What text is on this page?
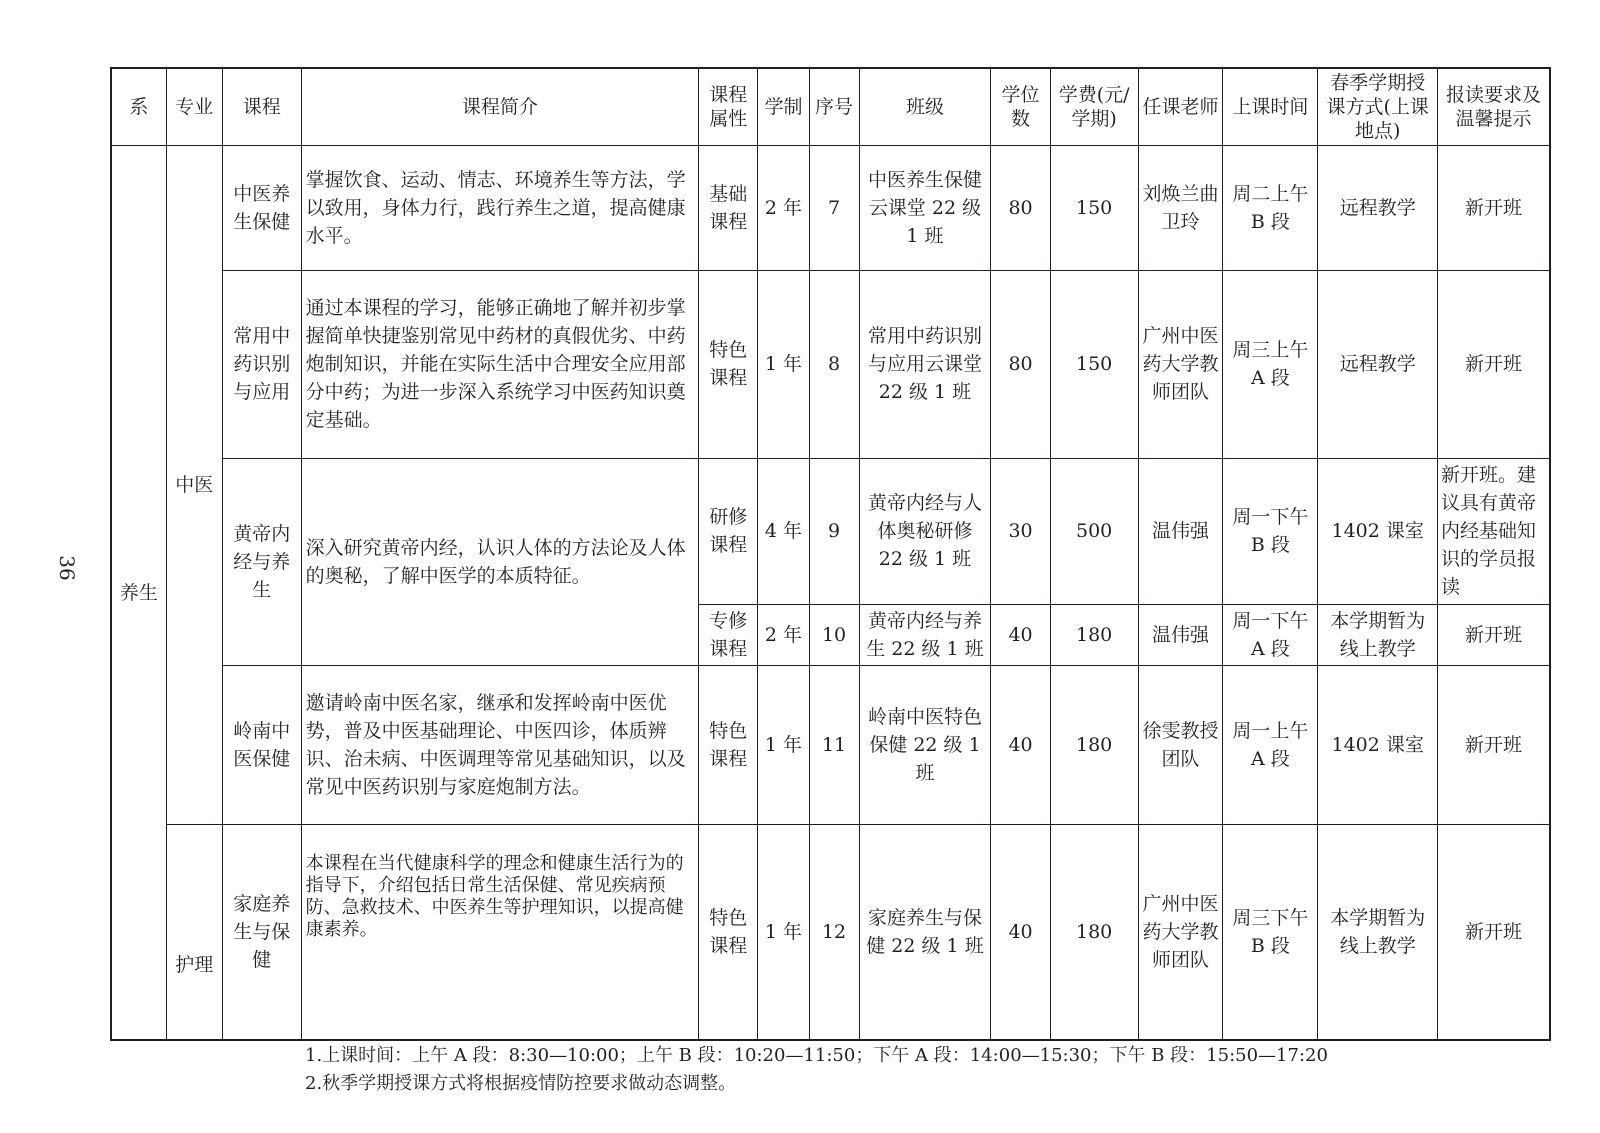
36
系	专业	课程	课程简介	课程属性	学制	序号	班级	学位数	学费(元/学期)	任课老师	上课时间	春季学期授课方式(上课地点)	报读要求及温馨提示
养生	中医	中医养生保健	掌握饮食、运动、情志、环境养生等方法，学以致用，身体力行，践行养生之道，提高健康水平。	基础课程	2 年	7	中医养生保健云课堂 22 级 1 班	80	150	刘焕兰曲卫玲	周二上午B 段	远程教学	新开班
		常用中药识别与应用	通过本课程的学习，能够正确地了解并初步掌握简单快捷鉴别常见中药材的真假优劣、中药炮制知识，并能在实际生活中合理安全应用部分中药；为进一步深入系统学习中医药知识奠定基础。	特色课程	1 年	8	常用中药识别与应用云课堂 22 级 1 班	80	150	广州中医药大学教师团队	周三上午A 段	远程教学	新开班
		黄帝内经与养生	深入研究黄帝内经，认识人体的方法论及人体的奥秘，了解中医学的本质特征。	研修课程	4 年	9	黄帝内经与人体奥秘研修 22 级 1 班	30	500	温伟强	周一下午B 段	1402 课室	新开班。建议具有黄帝内经基础知识的学员报读
				专修课程	2 年	10	黄帝内经与养生 22 级 1 班	40	180	温伟强	周一下午A 段	本学期暂为线上教学	新开班
		岭南中医保健	邀请岭南中医名家，继承和发挥岭南中医优势，普及中医基础理论、中医四诊，体质辨识、治未病、中医调理等常见基础知识，以及常见中医药识别与家庭炮制方法。	特色课程	1 年	11	岭南中医特色保健 22 级 1 班	40	180	徐雯教授团队	周一上午A 段	1402 课室	新开班
	护理	家庭养生与保健	本课程在当代健康科学的理念和健康生活行为的指导下，介绍包括日常生活保健、常见疾病预防、急救技术、中医养生等护理知识，以提高健康素养。	特色课程	1 年	12	家庭养生与保健 22 级 1 班	40	180	广州中医药大学教师团队	周三下午B 段	本学期暂为线上教学	新开班
1.上课时间：上午 A 段：8:30—10:00；上午 B 段：10:20—11:50；下午 A 段：14:00—15:30；下午 B 段：15:50—17:20
2.秋季学期授课方式将根据疫情防控要求做动态调整。
